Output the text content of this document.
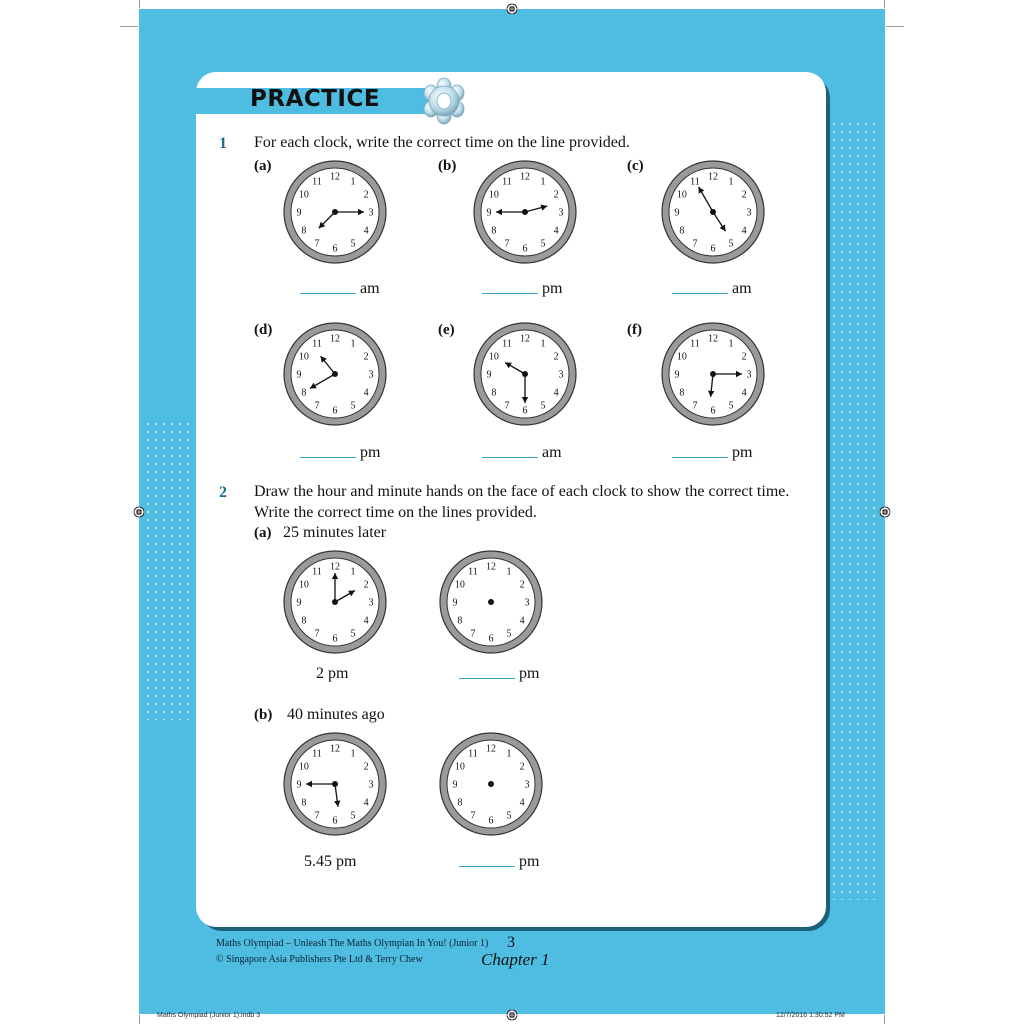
PRACTICE
1 For each clock, write the correct time on the line provided.
(a)
1
2
3
4
5
6
7
8
9
10
11 12
am
(b)
1
2
3
4
5
6
7
8
9
10
11 12
pm
(c)
1
2
3
4
5
6
7
8
9
10
11 12
am
(d)
1
2
3
4
5
6
7
8
9
10
11 12
pm
(e)
1
2
3
4
5
6
7
8
9
10
11 12
am
(f)
1
2
3
4
5
6
7
8
9
10
11 12
pm
2 Draw the hour and minute hands on the face of each clock to show the correct time.
Write the correct time on the lines provided.
(a) 25 minutes later
1
2
3
4
5
6
7
8
9
10
11 12	1
2
3
4
5
6
7
8
9
10
11 12
2 pm	pm
(b) 40 minutes ago
1
2
3
4
5
6
7
8
9
10
11 12	1
2
3
4
5
6
7
8
9
10
11 12
5.45 pm	pm
Maths Olympiad – Unleash The Maths Olympian In You! (Junior 1)
© Singapore Asia Publishers Pte Ltd & Terry Chew
3
Chapter 1
Maths Olympiad (Junior 1).indb 3	12/7/2016 1:30:52 PM
